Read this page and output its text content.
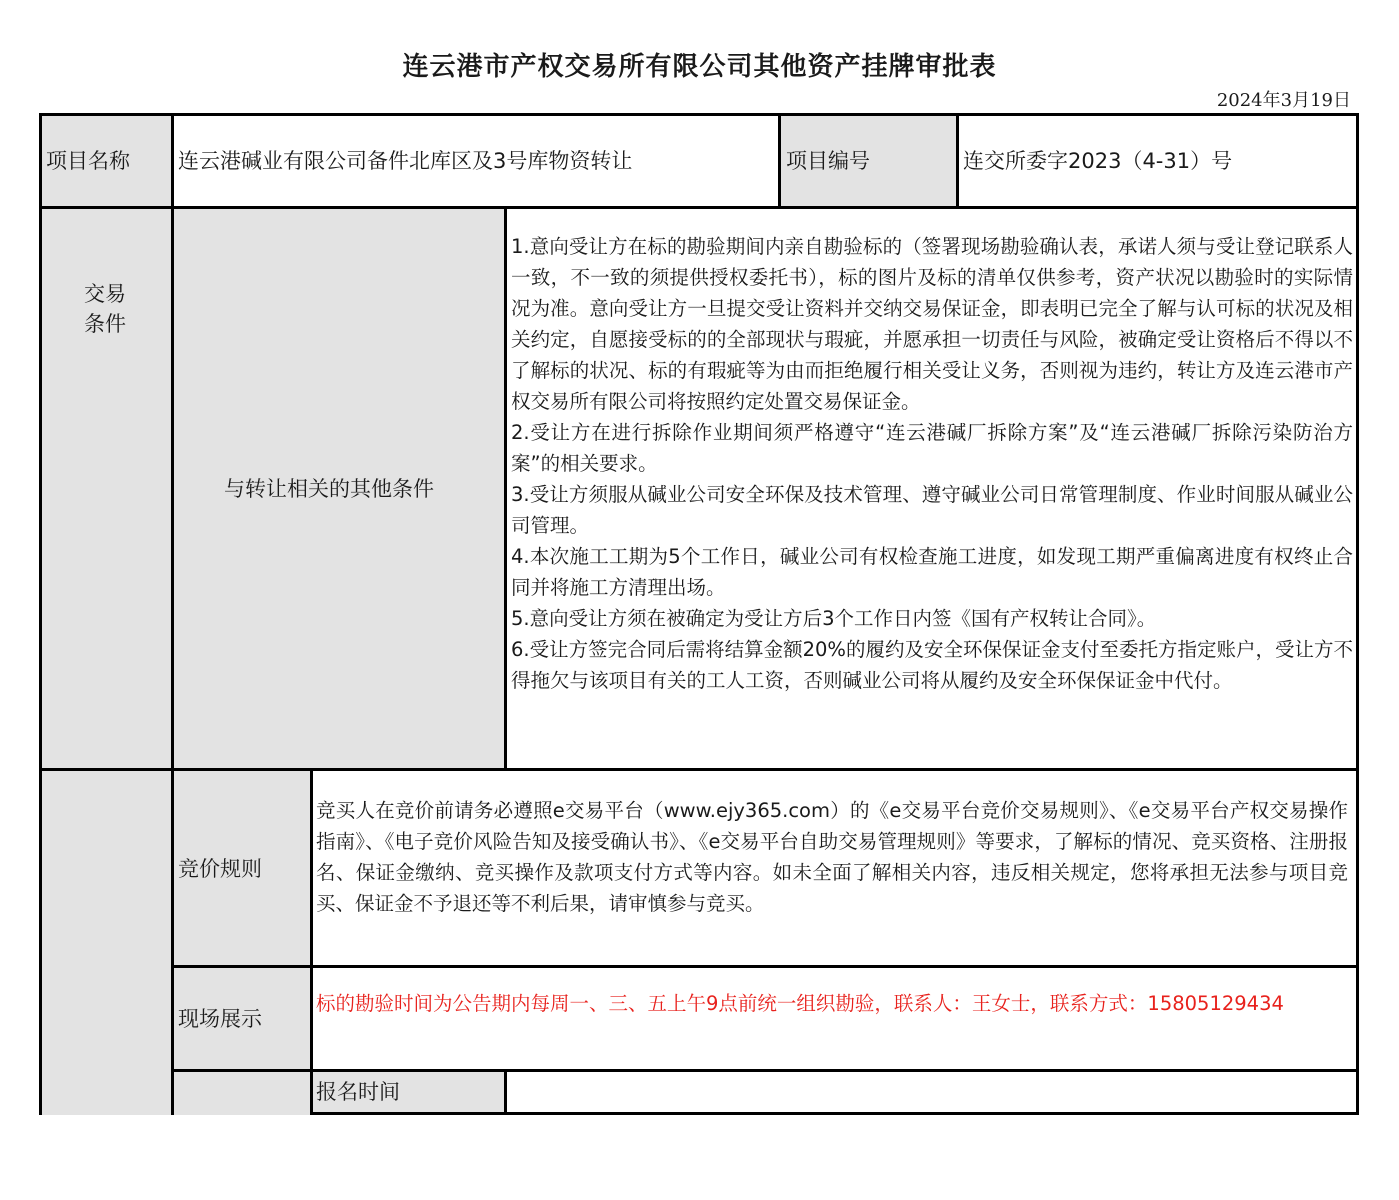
连云港市产权交易所有限公司其他资产挂牌审批表
2024年3月19日
项目名称 连云港碱业有限公司备件北库区及3号库物资转让	项目编号	连交所委字2023（4-31）号
交易
条件
与转让相关的其他条件

1.意向受让方在标的勘验期间内亲自勘验标的（签署现场勘验确认表，承诺人须与受让登记联系人一致，不一致的须提供授权委托书），标的图片及标的清单仅供参考，资产状况以勘验时的实际情况为准。意向受让方一旦提交受让资料并交纳交易保证金，即表明已完全了解与认可标的状况及相关约定，自愿接受标的的全部现状与瑕疵，并愿承担一切责任与风险，被确定受让资格后不得以不了解标的状况、标的有瑕疵等为由而拒绝履行相关受让义务，否则视为违约，转让方及连云港市产权交易所有限公司将按照约定处置交易保证金。

2.受让方在进行拆除作业期间须严格遵守“连云港碱厂拆除方案”及“连云港碱厂拆除污染防治方案”的相关要求。

3.受让方须服从碱业公司安全环保及技术管理、遵守碱业公司日常管理制度、作业时间服从碱业公司管理。

4.本次施工工期为5个工作日，碱业公司有权检查施工进度，如发现工期严重偏离进度有权终止合同并将施工方清理出场。

5.意向受让方须在被确定为受让方后3个工作日内签《国有产权转让合同》。

6.受让方签完合同后需将结算金额20%的履约及安全环保保证金支付至委托方指定账户，受让方不得拖欠与该项目有关的工人工资，否则碱业公司将从履约及安全环保保证金中代付。

竞价规则
竞买人在竞价前请务必遵照e交易平台（www.ejy365.com）的《e交易平台竞价交易规则》、《e交易平台产权交易操作指南》、《电子竞价风险告知及接受确认书》、《e交易平台自助交易管理规则》等要求，了解标的情况、竞买资格、注册报名、保证金缴纳、竞买操作及款项支付方式等内容。如未全面了解相关内容，违反相关规定，您将承担无法参与项目竞买、保证金不予退还等不利后果，请审慎参与竞买。
现场展示
标的勘验时间为公告期内每周一、三、五上午9点前统一组织勘验，联系人：王女士，联系方式：15805129434
报名时间
